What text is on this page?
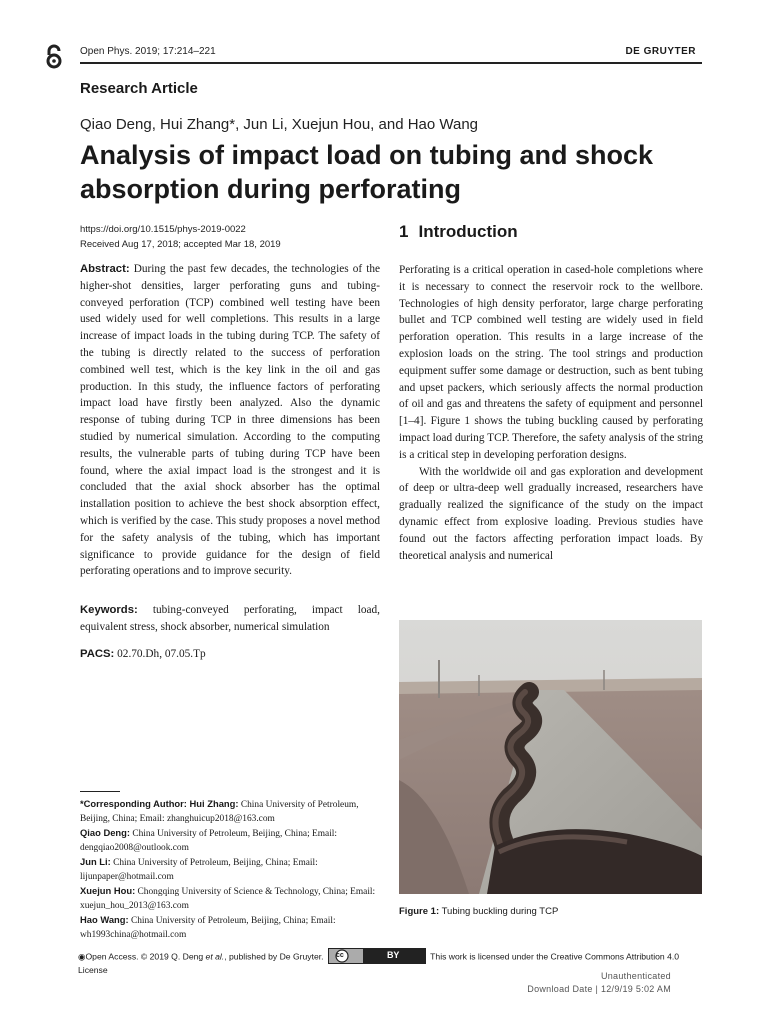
Open Phys. 2019; 17:214–221	DE GRUYTER
Research Article
Qiao Deng, Hui Zhang*, Jun Li, Xuejun Hou, and Hao Wang
Analysis of impact load on tubing and shock
absorption during perforating
https://doi.org/10.1515/phys-2019-0022
Received Aug 17, 2018; accepted Mar 18, 2019
Abstract: During the past few decades, the technologies of the higher-shot densities, larger perforating guns and tubing-conveyed perforation (TCP) combined well testing have been used widely used for well completions. This results in a large increase of impact loads in the tubing during TCP. The safety of the tubing is directly related to the success of perforation combined well test, which is the key link in the oil and gas production. In this study, the influence factors of perforating impact load have firstly been analyzed. Also the dynamic response of tubing during TCP in three dimensions has been studied by numerical simulation. According to the computing results, the vulnerable parts of tubing during TCP have been found, where the axial impact load is the strongest and it is concluded that the axial shock absorber has the optimal installation position to achieve the best shock absorption effect, which is verified by the case. This study proposes a novel method for the safety analysis of the tubing, which has important significance to provide guidance for the design of field perforating operations and to improve security.
Keywords: tubing-conveyed perforating, impact load, equivalent stress, shock absorber, numerical simulation
PACS: 02.70.Dh, 07.05.Tp
*Corresponding Author: Hui Zhang: China University of Petroleum, Beijing, China; Email: zhanghuicup2018@163.com
Qiao Deng: China University of Petroleum, Beijing, China; Email: dengqiao2008@outlook.com
Jun Li: China University of Petroleum, Beijing, China; Email: lijunpaper@hotmail.com
Xuejun Hou: Chongqing University of Science & Technology, China; Email: xuejun_hou_2013@163.com
Hao Wang: China University of Petroleum, Beijing, China; Email: wh1993china@hotmail.com
1 Introduction

Perforating is a critical operation in cased-hole completions where it is necessary to connect the reservoir rock to the wellbore. Technologies of high density perforator, large charge perforating bullet and TCP combined well testing are widely used in field perforation operation. This results in a large increase of the explosion loads on the string. The tool strings and production equipment suffer some damage or destruction, such as bent tubing and upset packers, which seriously affects the normal production of oil and gas and threatens the safety of equipment and personnel [1–4]. Figure 1 shows the tubing buckling caused by perforating impact load during TCP. Therefore, the safety analysis of the string is a critical step in developing perforation designs.

With the worldwide oil and gas exploration and development of deep or ultra-deep well gradually increased, researchers have gradually realized the significance of the study on the impact dynamic effect from explosive loading. Previous studies have found out the factors affecting perforation impact loads. By theoretical analysis and numerical

Figure 1: Tubing buckling during TCP
◉Open Access. © 2019 Q. Deng et al., published by De Gruyter. cc	BY	This work is licensed under the Creative Commons Attribution 4.0
License
Unauthenticated
Download Date | 12/9/19 5:02 AM
